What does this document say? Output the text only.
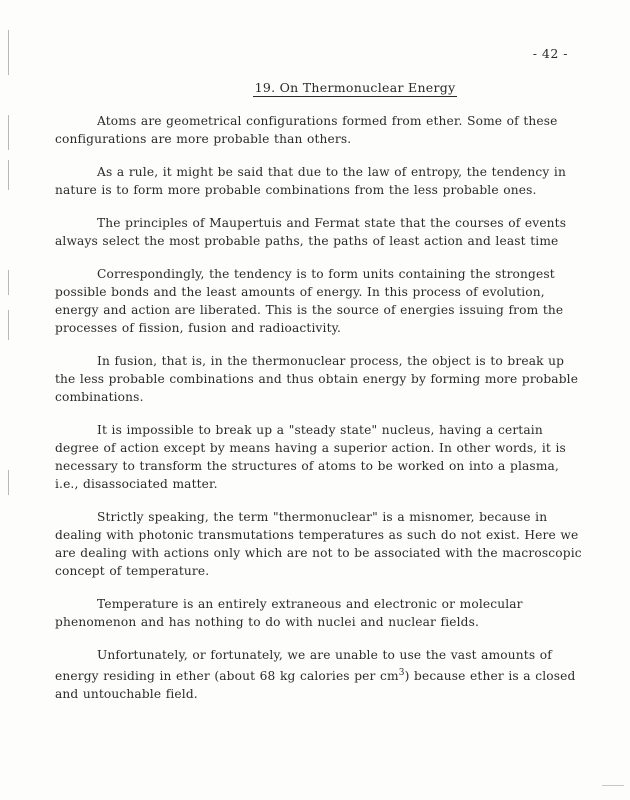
- 42 -
19. On Thermonuclear Energy

Atoms are geometrical configurations formed from ether. Some of these configurations are more probable than others.

As a rule, it might be said that due to the law of entropy, the tendency in nature is to form more probable combinations from the less probable ones.

The principles of Maupertuis and Fermat state that the courses of events always select the most probable paths, the paths of least action and least time

Correspondingly, the tendency is to form units containing the strongest possible bonds and the least amounts of energy. In this process of evolution, energy and action are liberated. This is the source of energies issuing from the processes of fission, fusion and radioactivity.

In fusion, that is, in the thermonuclear process, the object is to break up the less probable combinations and thus obtain energy by forming more probable combinations.

It is impossible to break up a "steady state" nucleus, having a certain degree of action except by means having a superior action. In other words, it is necessary to transform the structures of atoms to be worked on into a plasma, i.e., disassociated matter.

Strictly speaking, the term "thermonuclear" is a misnomer, because in dealing with photonic transmutations temperatures as such do not exist. Here we are dealing with actions only which are not to be associated with the macroscopic concept of temperature.

Temperature is an entirely extraneous and electronic or molecular phenomenon and has nothing to do with nuclei and nuclear fields.

Unfortunately, or fortunately, we are unable to use the vast amounts of energy residing in ether (about 68 kg calories per $cm^3$) because ether is a closed and untouchable field.
